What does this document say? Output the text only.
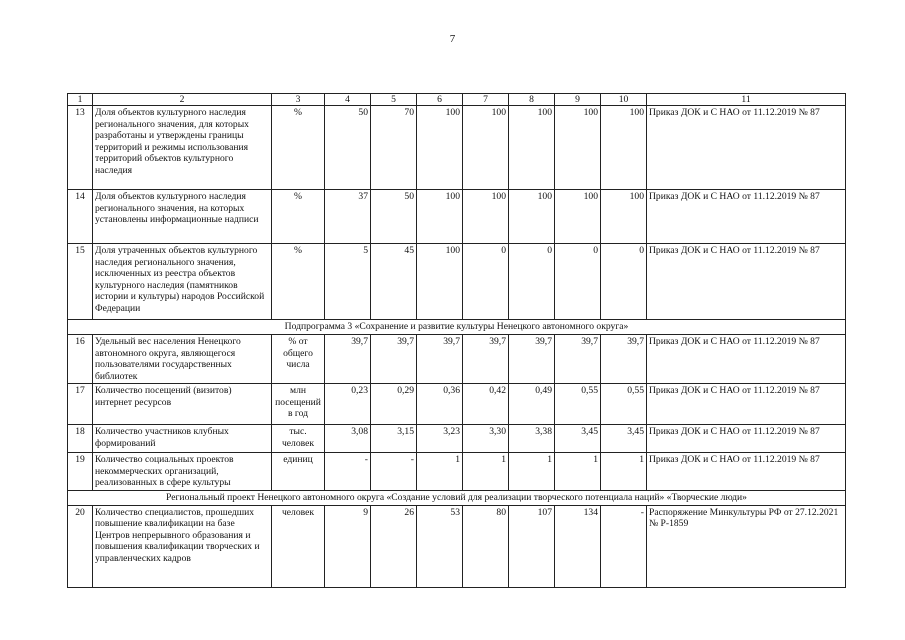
7
1	2	3	4	5	6	7	8	9	10	11
13	Доля объектов культурного наследия регионального значения, для которых разработаны и утверждены границы территорий и режимы использования территорий объектов культурного наследия	%	50	70	100	100	100	100	100	Приказ ДОК и С НАО от 11.12.2019 № 87
14	Доля объектов культурного наследия регионального значения, на которых установлены информационные надписи	%	37	50	100	100	100	100	100	Приказ ДОК и С НАО от 11.12.2019 № 87
15	Доля утраченных объектов культурного наследия регионального значения, исключенных из реестра объектов культурного наследия (памятников истории и культуры) народов Российской Федерации	%	5	45	100	0	0	0	0	Приказ ДОК и С НАО от 11.12.2019 № 87
Подпрограмма 3 «Сохранение и развитие культуры Ненецкого автономного округа»										
16	Удельный вес населения Ненецкого автономного округа, являющегося пользователями государственных библиотек	% от общего числа	39,7	39,7	39,7	39,7	39,7	39,7	39,7	Приказ ДОК и С НАО от 11.12.2019 № 87
17	Количество посещений (визитов) интернет ресурсов	млн посещений в год	0,23	0,29	0,36	0,42	0,49	0,55	0,55	Приказ ДОК и С НАО от 11.12.2019 № 87
18	Количество участников клубных формирований	тыс. человек	3,08	3,15	3,23	3,30	3,38	3,45	3,45	Приказ ДОК и С НАО от 11.12.2019 № 87
19	Количество социальных проектов некоммерческих организаций, реализованных в сфере культуры	единиц	-	-	1	1	1	1	1	Приказ ДОК и С НАО от 11.12.2019 № 87
Региональный проект Ненецкого автономного округа «Создание условий для реализации творческого потенциала наций» «Творческие люди»										
20	Количество специалистов, прошедших повышение квалификации на базе Центров непрерывного образования и повышения квалификации творческих и управленческих кадров	человек	9	26	53	80	107	134	-	Распоряжение Минкультуры РФ от 27.12.2021 № Р-1859
